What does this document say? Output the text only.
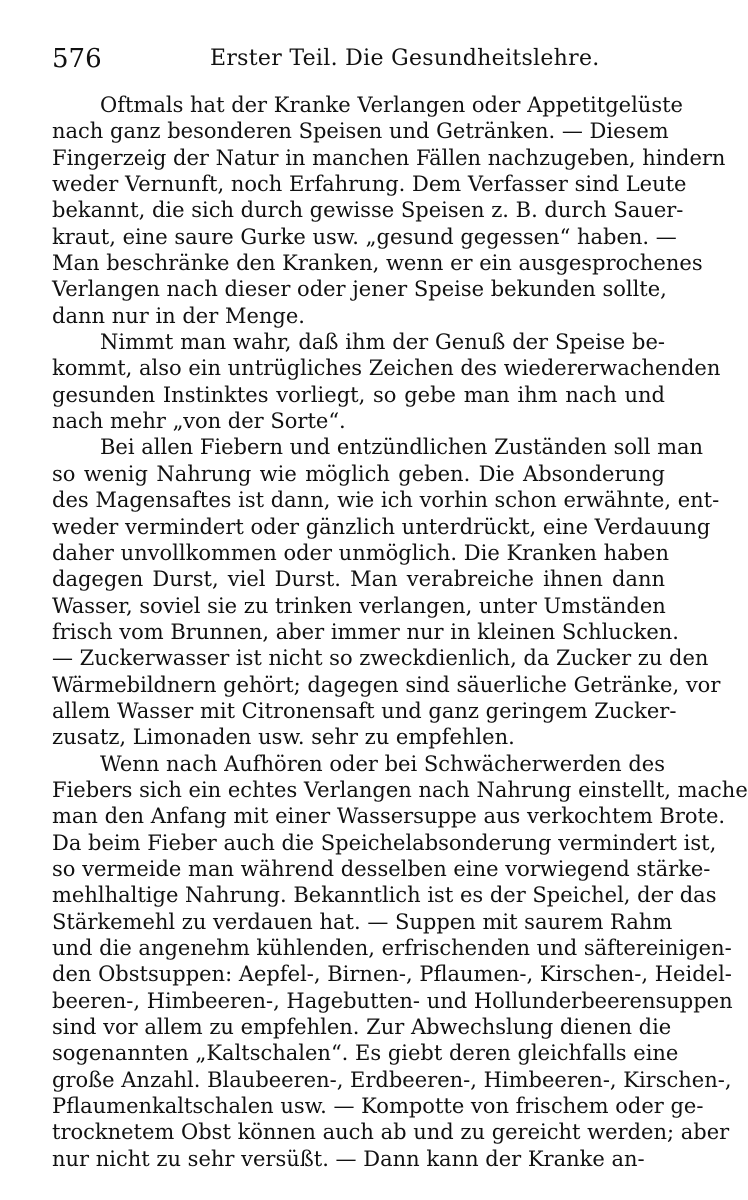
576	Erster Teil. Die Gesundheitslehre.
Oftmals hat der Kranke Verlangen oder Appetitgelüste
nach ganz besonderen Speisen und Getränken. — Diesem
Fingerzeig der Natur in manchen Fällen nachzugeben, hindern
weder Vernunft, noch Erfahrung. Dem Verfasser sind Leute
bekannt, die sich durch gewisse Speisen z. B. durch Sauer-
kraut, eine saure Gurke usw. „gesund gegessen“ haben. —
Man beschränke den Kranken, wenn er ein ausgesprochenes
Verlangen nach dieser oder jener Speise bekunden sollte,
dann nur in der Menge.
Nimmt man wahr, daß ihm der Genuß der Speise be-
kommt, also ein untrügliches Zeichen des wiedererwachenden
gesunden Instinktes vorliegt, so gebe man ihm nach und
nach mehr „von der Sorte“.
Bei allen Fiebern und entzündlichen Zuständen soll man
so wenig Nahrung wie möglich geben. Die Absonderung
des Magensaftes ist dann, wie ich vorhin schon erwähnte, ent-
weder vermindert oder gänzlich unterdrückt, eine Verdauung
daher unvollkommen oder unmöglich. Die Kranken haben
dagegen Durst, viel Durst. Man verabreiche ihnen dann
Wasser, soviel sie zu trinken verlangen, unter Umständen
frisch vom Brunnen, aber immer nur in kleinen Schlucken.
— Zuckerwasser ist nicht so zweckdienlich, da Zucker zu den
Wärmebildnern gehört; dagegen sind säuerliche Getränke, vor
allem Wasser mit Citronensaft und ganz geringem Zucker-
zusatz, Limonaden usw. sehr zu empfehlen.
Wenn nach Aufhören oder bei Schwächerwerden des
Fiebers sich ein echtes Verlangen nach Nahrung einstellt, mache
man den Anfang mit einer Wassersuppe aus verkochtem Brote.
Da beim Fieber auch die Speichelabsonderung vermindert ist,
so vermeide man während desselben eine vorwiegend stärke-
mehlhaltige Nahrung. Bekanntlich ist es der Speichel, der das
Stärkemehl zu verdauen hat. — Suppen mit saurem Rahm
und die angenehm kühlenden, erfrischenden und säftereinigen-
den Obstsuppen: Aepfel-, Birnen-, Pflaumen-, Kirschen-, Heidel-
beeren-, Himbeeren-, Hagebutten- und Hollunderbeerensuppen
sind vor allem zu empfehlen. Zur Abwechslung dienen die
sogenannten „Kaltschalen“. Es giebt deren gleichfalls eine
große Anzahl. Blaubeeren-, Erdbeeren-, Himbeeren-, Kirschen-,
Pflaumenkaltschalen usw. — Kompotte von frischem oder ge-
trocknetem Obst können auch ab und zu gereicht werden; aber
nur nicht zu sehr versüßt. — Dann kann der Kranke an-
